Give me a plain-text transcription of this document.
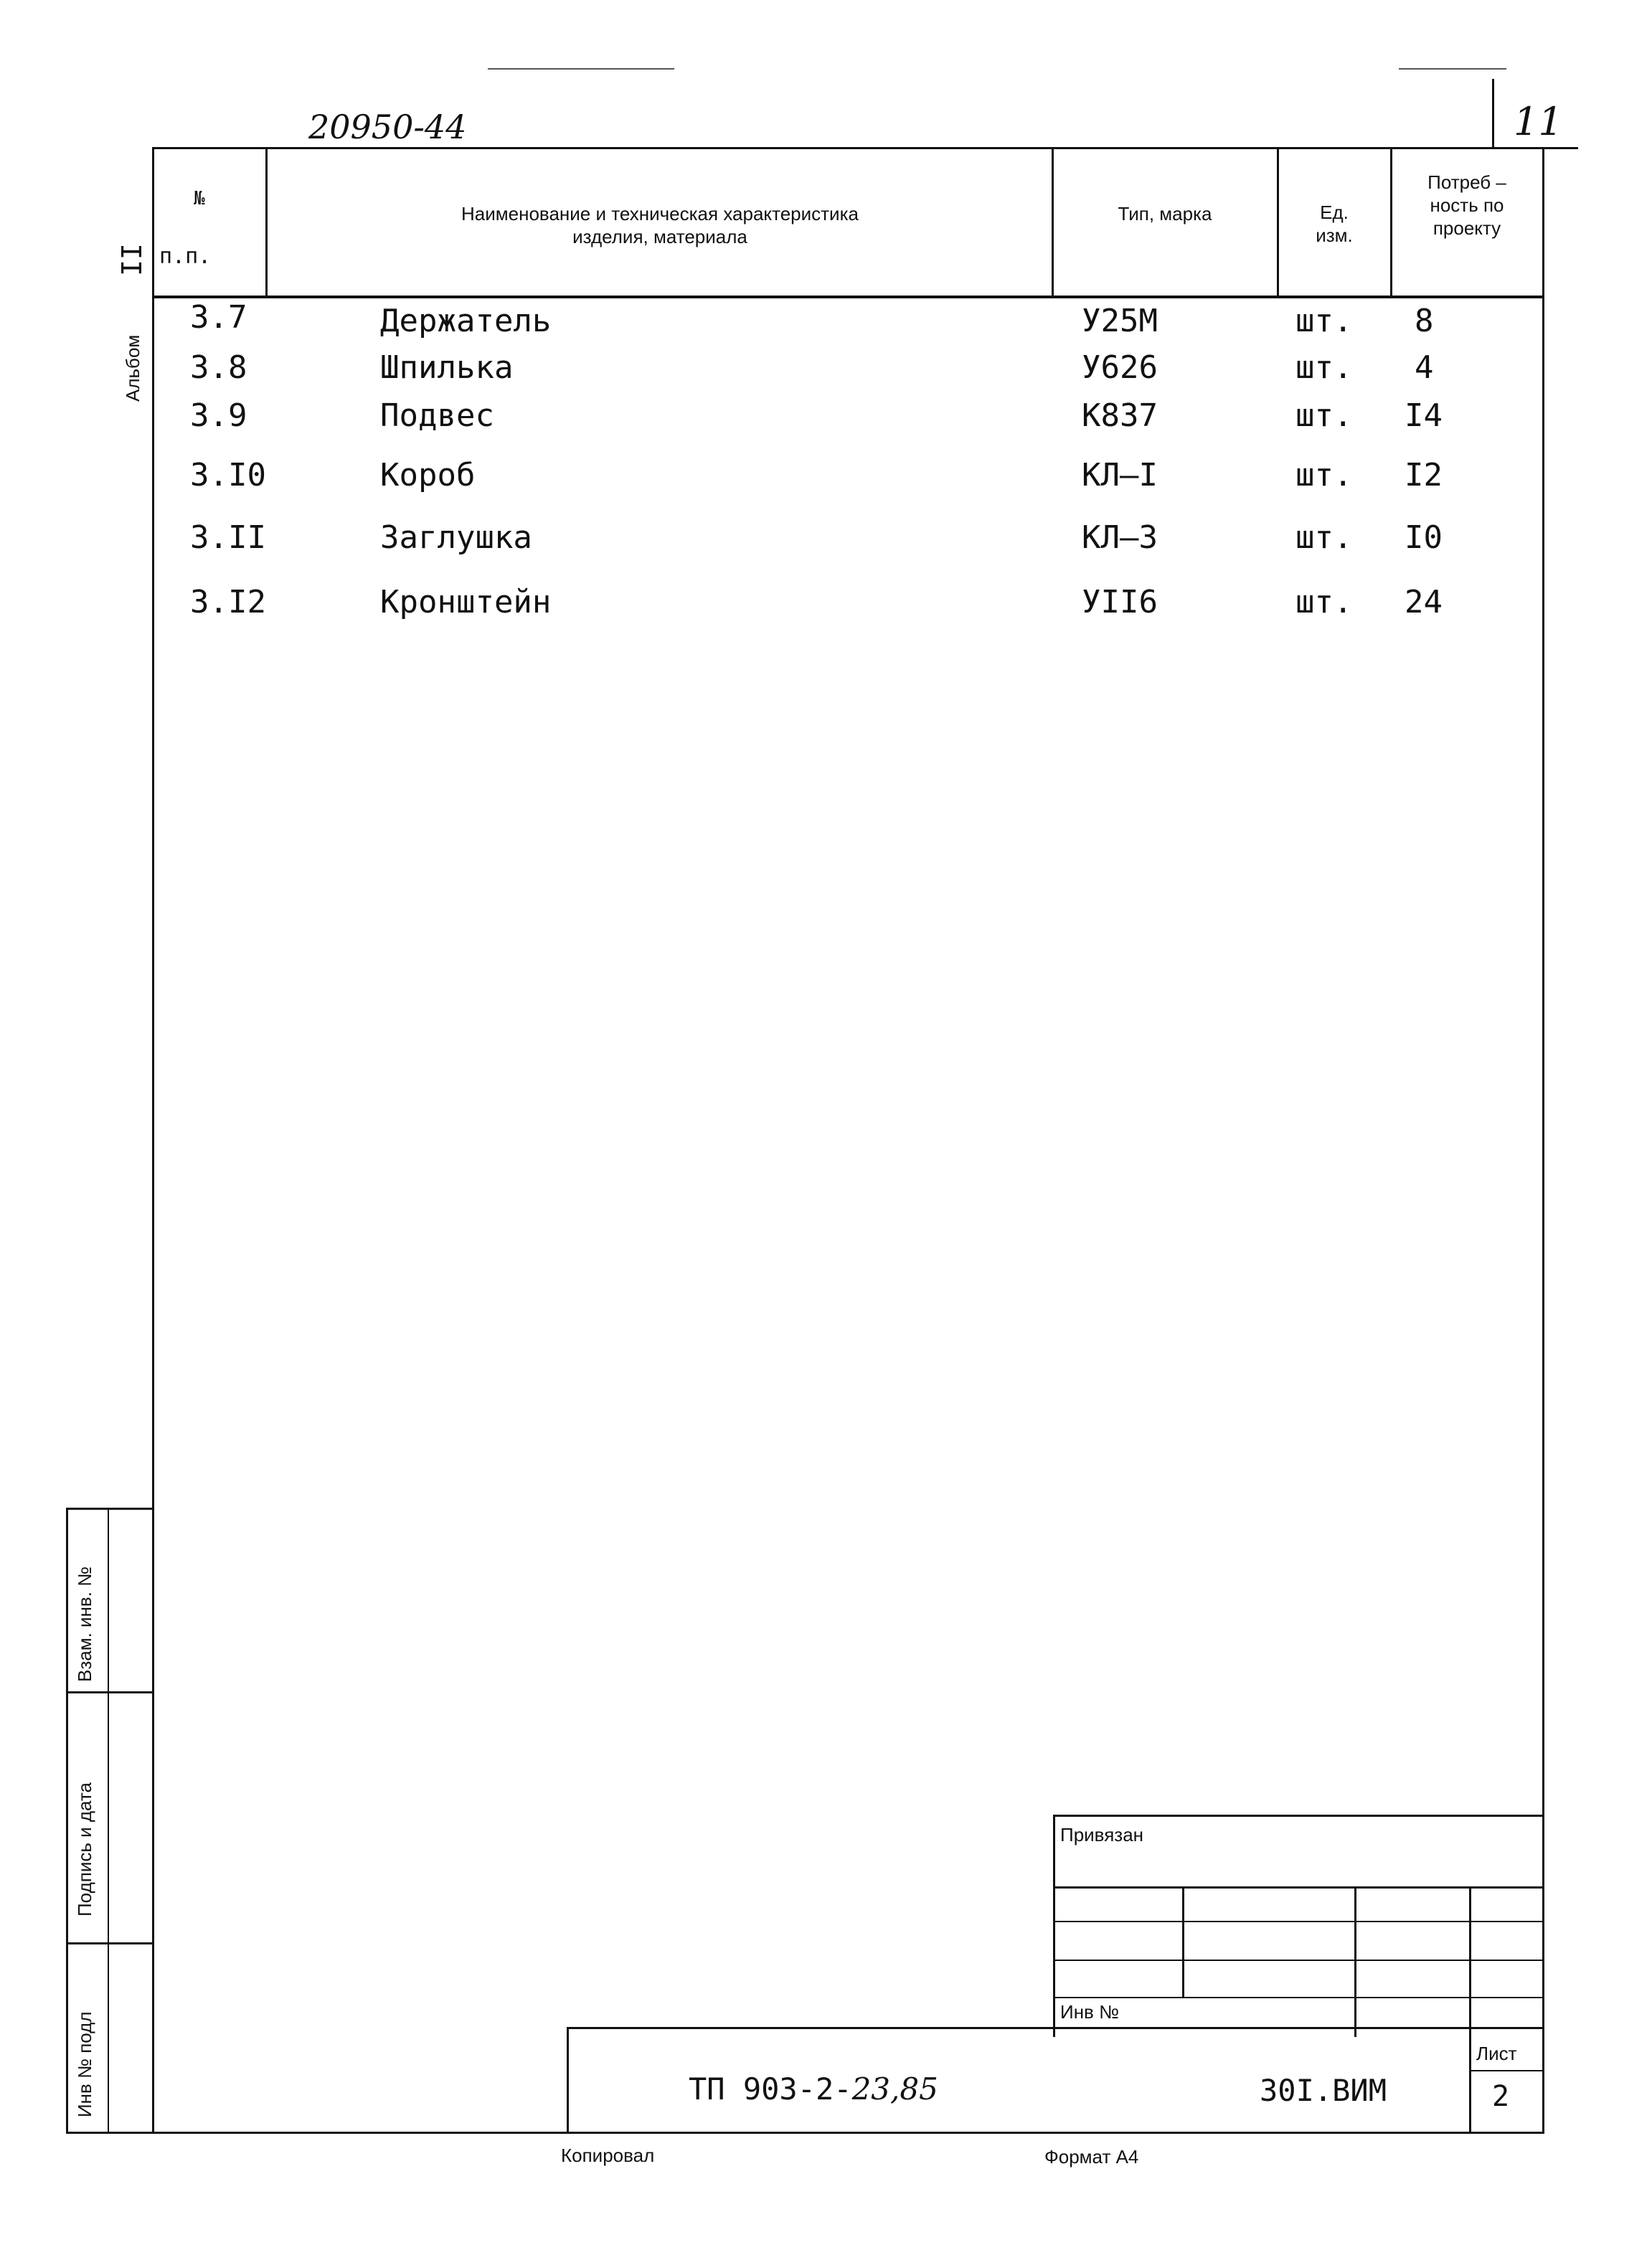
20950-44	11
№
п.п.
Наименование и техническая характеристика
изделия, материала
Тип, марка	Ед.
изм.
Потреб –
ность по
проекту
Альбом
II
3.7	Держатель	У25М	шт. 8
3.8	Шпилька	У626	шт. 4
3.9	Подвес	К837	шт. I4
3.I0	Короб	КЛ–I	шт. I2
3.II	Заглушка	КЛ–3	шт. I0
3.I2	Кронштейн	УII6	шт. 24
Взам. инв. №
Подпись и дата
Инв № подл
Привязан
Инв №
Лист
2
ТП 903-2-23,85	30I.ВИМ
Копировал	Формат А4
